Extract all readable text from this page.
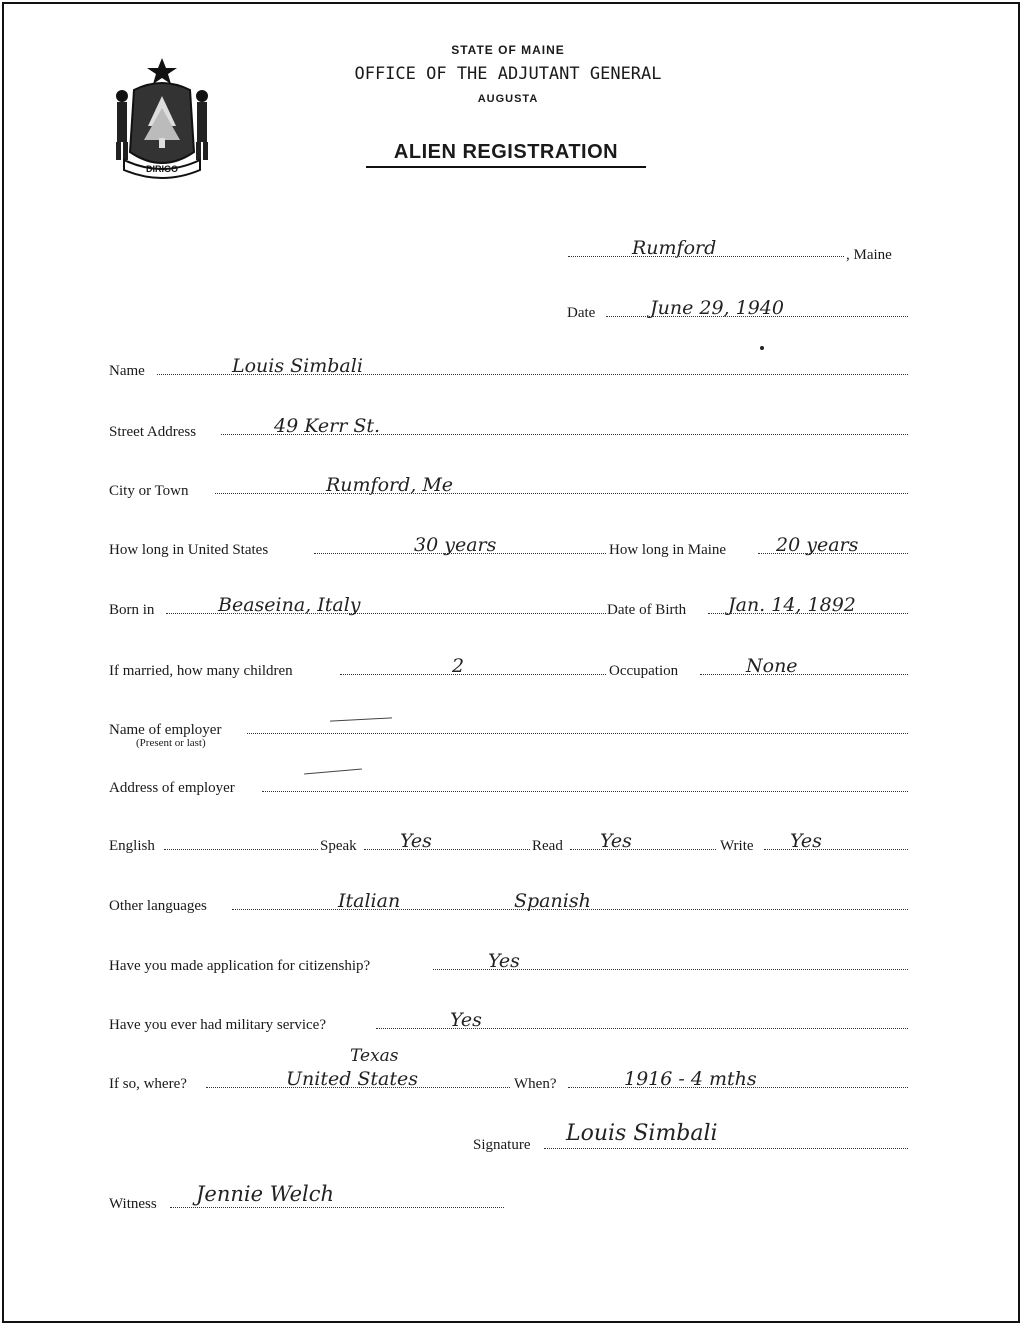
DIRIGO
STATE OF MAINE
OFFICE OF THE ADJUTANT GENERAL
AUGUSTA
ALIEN REGISTRATION
Rumford	, Maine
Date	June 29, 1940
Name	Louis Simbali
Street Address	49 Kerr St.
City or Town	Rumford, Me
How long in United States	30 years	How long in Maine	20 years
Born in	Beaseina, Italy	Date of Birth Jan. 14, 1892
If married, how many children	2	Occupation	None
Name of employer
(Present or last)
Address of employer
English	Speak Yes	Read Yes	Write Yes
Other languages	Italian	Spanish
Have you made application for citizenship?	Yes
Have you ever had military service?	Yes
Texas
If so, where?	United States	When?	1916 - 4 mths
Signature Louis Simbali
Witness Jennie Welch
